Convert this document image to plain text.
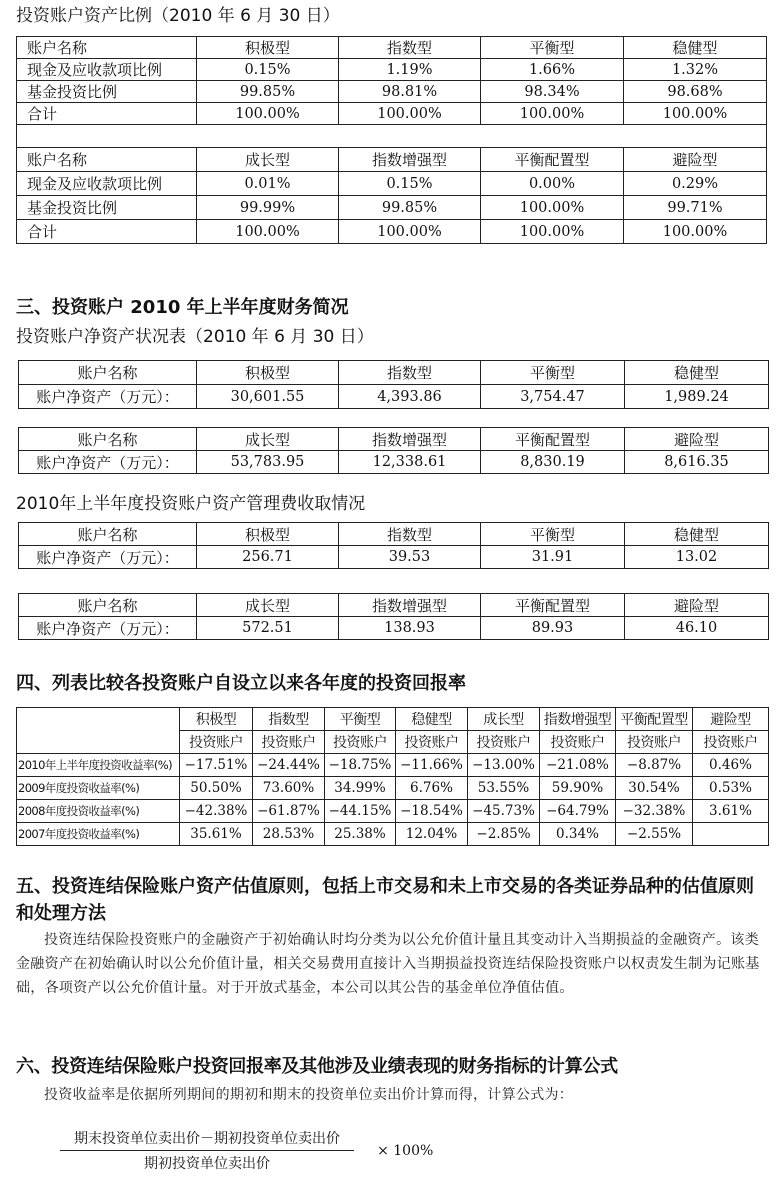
投资账户资产比例（2010 年 6 月 30 日）
账户名称	积极型	指数型	平衡型	稳健型
现金及应收款项比例	0.15%	1.19%	1.66%	1.32%
基金投资比例	99.85%	98.81%	98.34%	98.68%
合计	100.00%	100.00%	100.00%	100.00%

账户名称	成长型	指数增强型	平衡配置型	避险型
现金及应收款项比例	0.01%	0.15%	0.00%	0.29%
基金投资比例	99.99%	99.85%	100.00%	99.71%
合计	100.00%	100.00%	100.00%	100.00%
三、投资账户 2010 年上半年度财务简况
投资账户净资产状况表（2010 年 6 月 30 日）
账户名称	积极型	指数型	平衡型	稳健型
账户净资产（万元）：	30,601.55	4,393.86	3,754.47	1,989.24
账户名称	成长型	指数增强型	平衡配置型	避险型
账户净资产（万元）：	53,783.95	12,338.61	8,830.19	8,616.35
2010年上半年度投资账户资产管理费收取情况
账户名称	积极型	指数型	平衡型	稳健型
账户净资产（万元）：	256.71	39.53	31.91	13.02
账户名称	成长型	指数增强型	平衡配置型	避险型
账户净资产（万元）：	572.51	138.93	89.93	46.10
四、列表比较各投资账户自设立以来各年度的投资回报率
	积极型	指数型	平衡型	稳健型	成长型	指数增强型	平衡配置型	避险型
	投资账户	投资账户	投资账户	投资账户	投资账户	投资账户	投资账户	投资账户
2010年上半年度投资收益率(%)	−17.51%	−24.44%	−18.75%	−11.66%	−13.00%	−21.08%	−8.87%	0.46%
2009年度投资收益率(%)	50.50%	73.60%	34.99%	6.76%	53.55%	59.90%	30.54%	0.53%
2008年度投资收益率(%)	−42.38%	−61.87%	−44.15%	−18.54%	−45.73%	−64.79%	−32.38%	3.61%
2007年度投资收益率(%)	35.61%	28.53%	25.38%	12.04%	−2.85%	0.34%	−2.55%	
五、投资连结保险账户资产估值原则，包括上市交易和未上市交易的各类证券品种的估值原则和处理方法
投资连结保险投资账户的金融资产于初始确认时均分类为以公允价值计量且其变动计入当期损益的金融资产。该类金融资产在初始确认时以公允价值计量，相关交易费用直接计入当期损益投资连结保险投资账户以权责发生制为记账基础，各项资产以公允价值计量。对于开放式基金，本公司以其公告的基金单位净值估值。
六、投资连结保险账户投资回报率及其他涉及业绩表现的财务指标的计算公式
投资收益率是依据所列期间的期初和期末的投资单位卖出价计算而得，计算公式为：
$\frac{\text{期末投资单位卖出价－期初投资单位卖出价}}{\text{期初投资单位卖出价}} \times 100\%$
